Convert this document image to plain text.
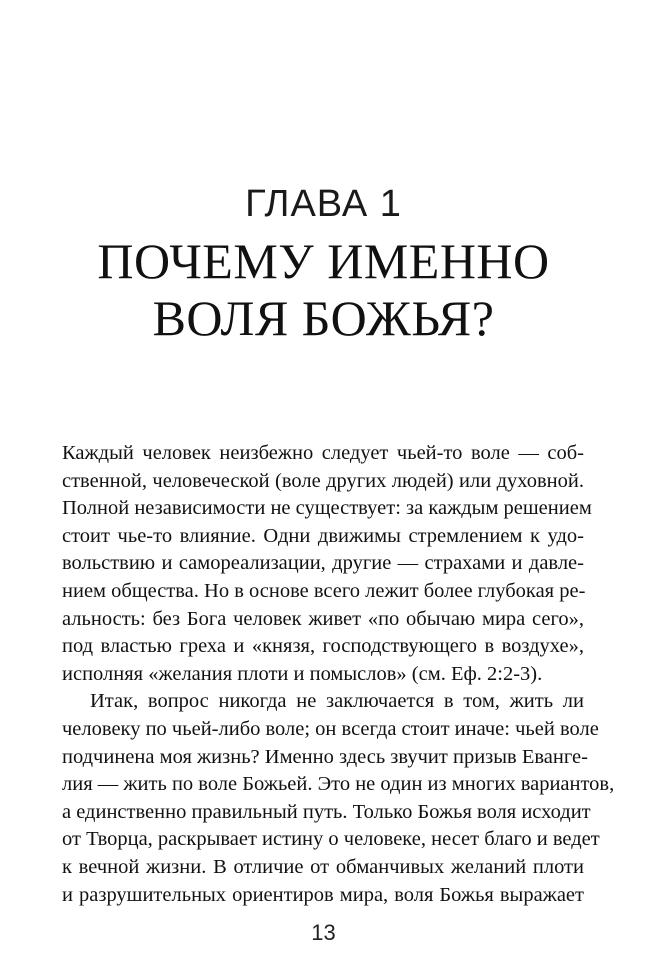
ГЛАВА 1
ПОЧЕМУ ИМЕННО
ВОЛЯ БОЖЬЯ?
Каждый человек неизбежно следует чьей-то воле — соб-
ственной, человеческой (воле других людей) или духовной.
Полной независимости не существует: за каждым решением
стоит чье-то влияние. Одни движимы стремлением к удо-
вольствию и самореализации, другие — страхами и давле-
нием общества. Но в основе всего лежит более глубокая ре-
альность: без Бога человек живет «по обычаю мира сего»,
под властью греха и «князя, господствующего в воздухе»,
исполняя «желания плоти и помыслов» (см. Еф. 2:2-3).
Итак, вопрос никогда не заключается в том, жить ли
человеку по чьей-либо воле; он всегда стоит иначе: чьей воле
подчинена моя жизнь? Именно здесь звучит призыв Еванге-
лия — жить по воле Божьей. Это не один из многих вариантов,
а единственно правильный путь. Только Божья воля исходит
от Творца, раскрывает истину о человеке, несет благо и ведет
к вечной жизни. В отличие от обманчивых желаний плоти
и разрушительных ориентиров мира, воля Божья выражает
13
